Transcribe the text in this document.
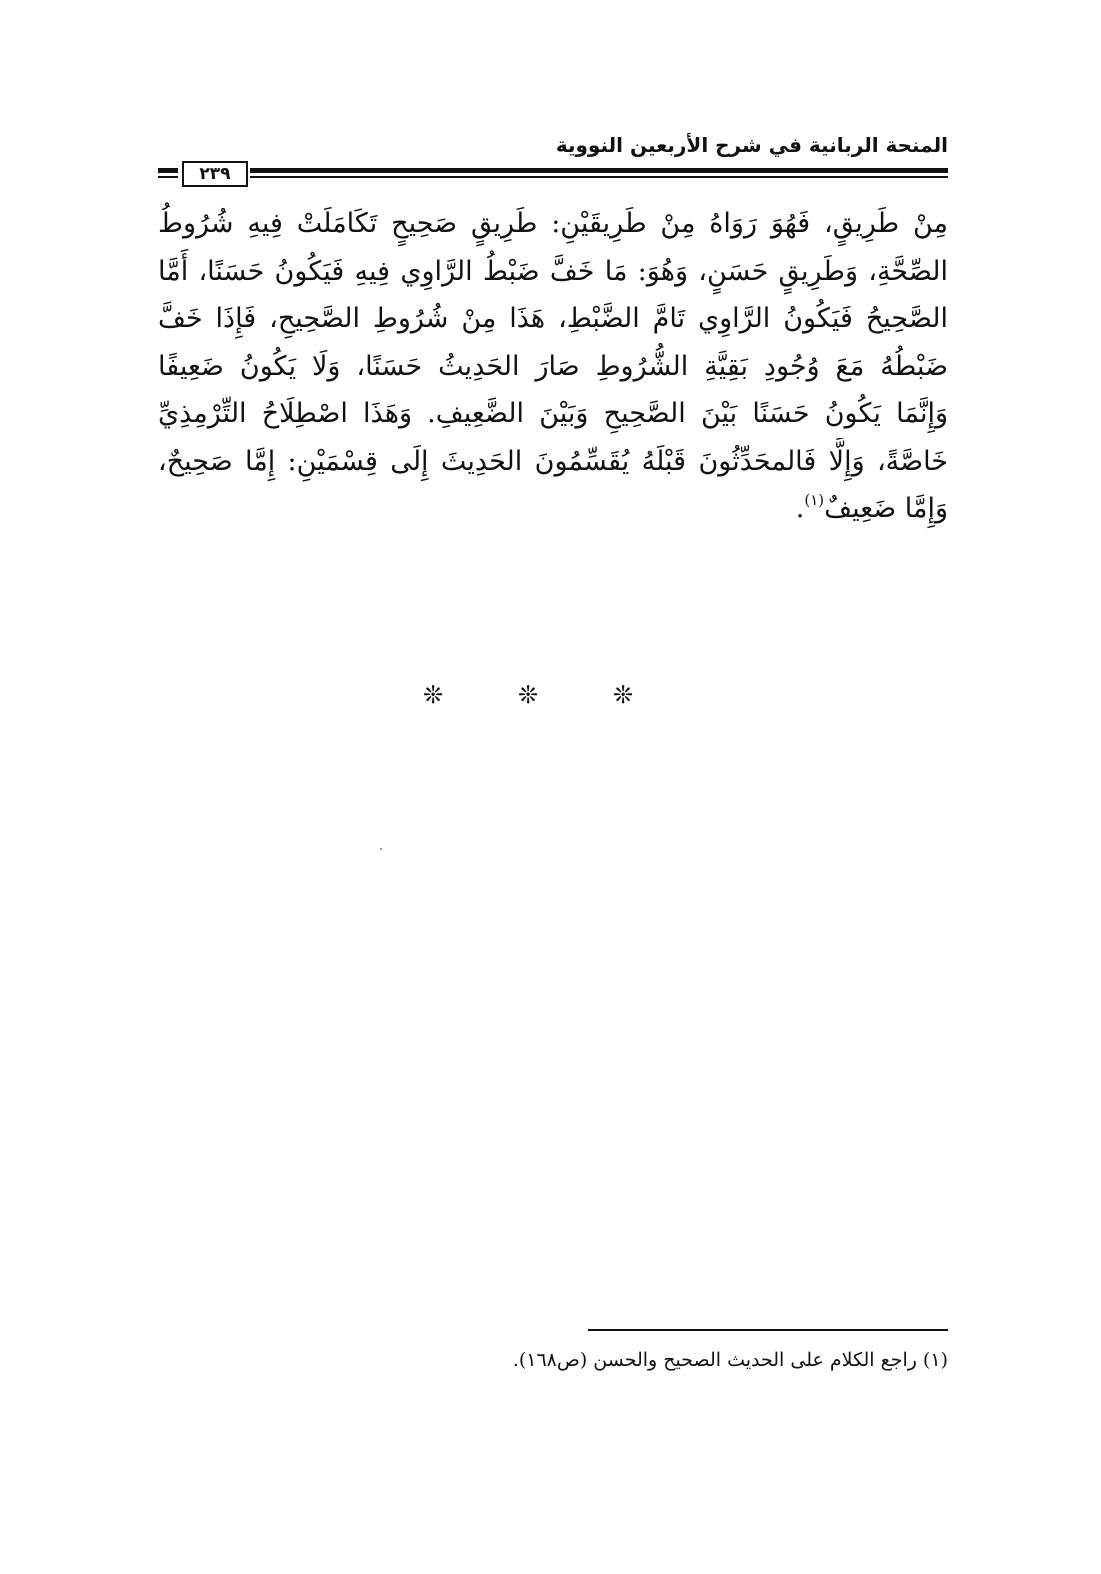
المنحة الربانية في شرح الأربعين النووية
٢٣٩
مِنْ طَرِيقٍ، فَهُوَ رَوَاهُ مِنْ طَرِيقَيْنِ: طَرِيقٍ صَحِيحٍ تَكَامَلَتْ فِيهِ شُرُوطُ
الصِّحَّةِ، وَطَرِيقٍ حَسَنٍ، وَهُوَ: مَا خَفَّ ضَبْطُ الرَّاوِي فِيهِ فَيَكُونُ حَسَنًا، أَمَّا
الصَّحِيحُ فَيَكُونُ الرَّاوِي تَامَّ الضَّبْطِ، هَذَا مِنْ شُرُوطِ الصَّحِيحِ، فَإِذَا خَفَّ
ضَبْطُهُ مَعَ وُجُودِ بَقِيَّةِ الشُّرُوطِ صَارَ الحَدِيثُ حَسَنًا، وَلَا يَكُونُ ضَعِيفًا
وَإِنَّمَا يَكُونُ حَسَنًا بَيْنَ الصَّحِيحِ وَبَيْنَ الضَّعِيفِ. وَهَذَا اصْطِلَاحُ التِّرْمِذِيِّ
خَاصَّةً، وَإِلَّا فَالمحَدِّثُونَ قَبْلَهُ يُقَسِّمُونَ الحَدِيثَ إِلَى قِسْمَيْنِ: إِمَّا صَحِيحٌ،
وَإِمَّا ضَعِيفٌ$^{(١)}$.
❊	❊	❊
(١) راجع الكلام على الحديث الصحيح والحسن (ص١٦٨).
